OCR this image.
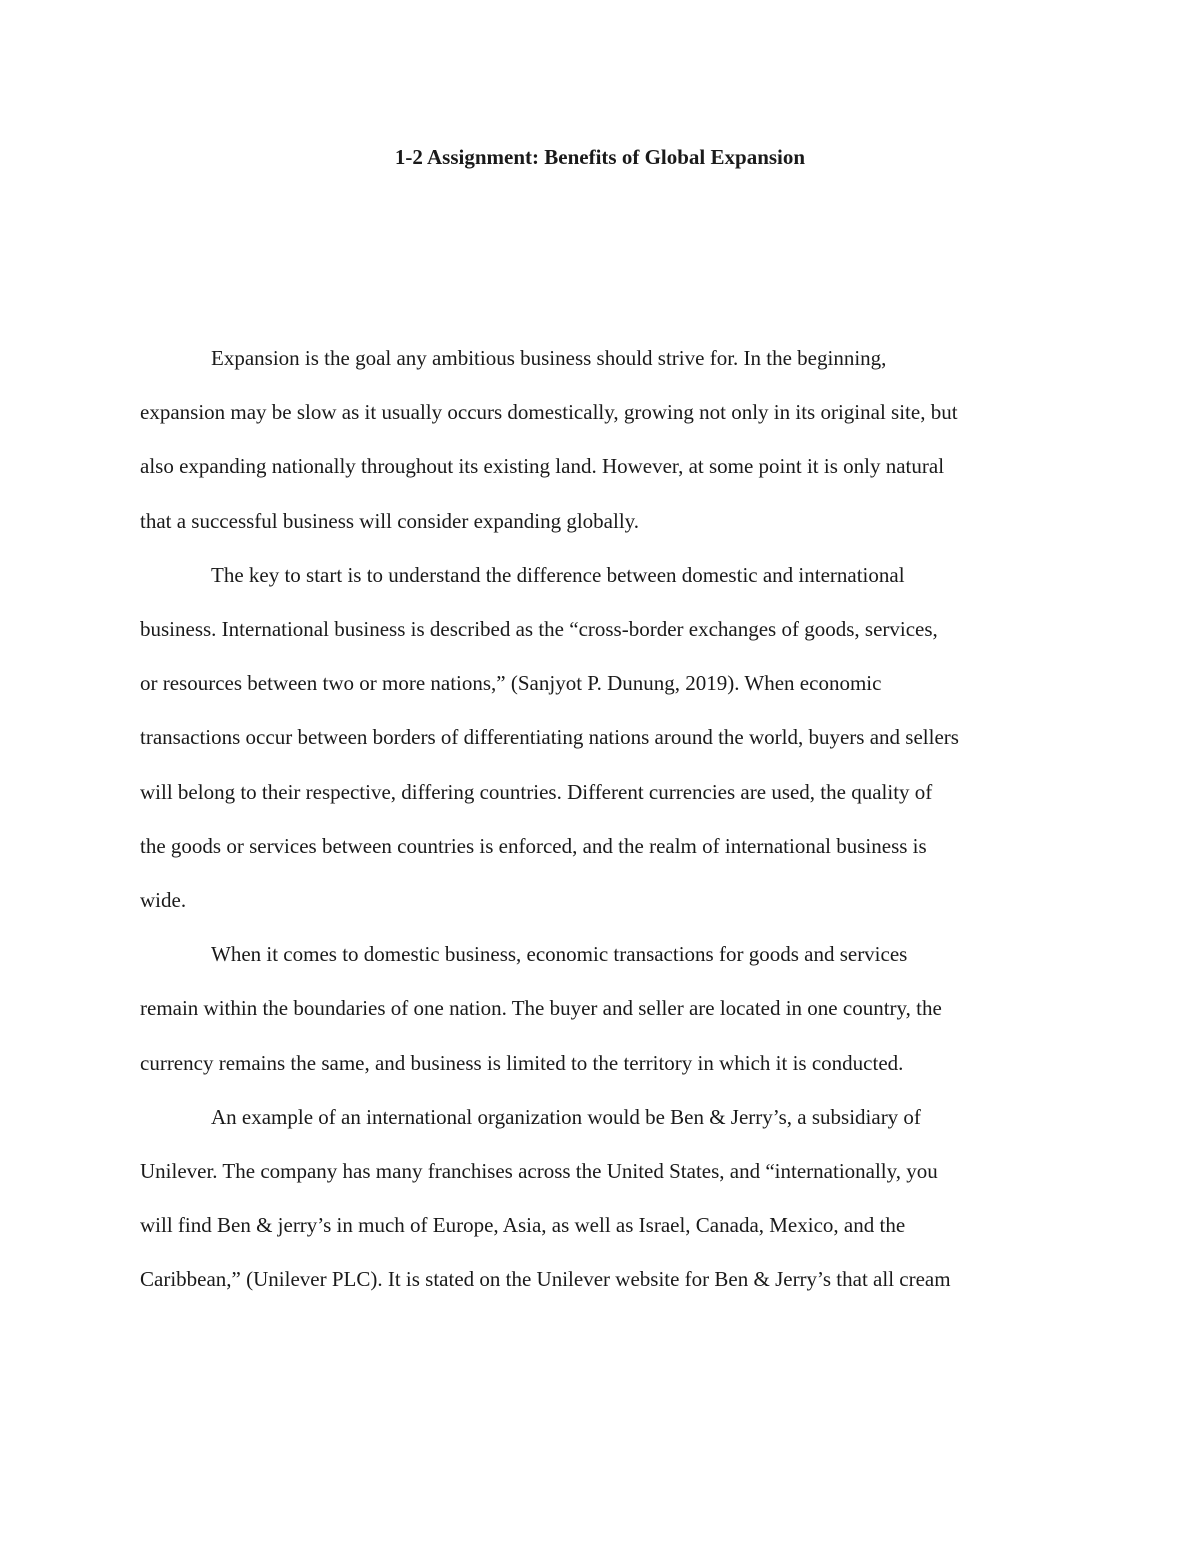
1-2 Assignment: Benefits of Global Expansion

Expansion is the goal any ambitious business should strive for. In the beginning,
expansion may be slow as it usually occurs domestically, growing not only in its original site, but
also expanding nationally throughout its existing land. However, at some point it is only natural
that a successful business will consider expanding globally.

The key to start is to understand the difference between domestic and international
business. International business is described as the “cross-border exchanges of goods, services,
or resources between two or more nations,” (Sanjyot P. Dunung, 2019). When economic
transactions occur between borders of differentiating nations around the world, buyers and sellers
will belong to their respective, differing countries. Different currencies are used, the quality of
the goods or services between countries is enforced, and the realm of international business is
wide.

When it comes to domestic business, economic transactions for goods and services
remain within the boundaries of one nation. The buyer and seller are located in one country, the
currency remains the same, and business is limited to the territory in which it is conducted.

An example of an international organization would be Ben & Jerry’s, a subsidiary of
Unilever. The company has many franchises across the United States, and “internationally, you
will find Ben & jerry’s in much of Europe, Asia, as well as Israel, Canada, Mexico, and the
Caribbean,” (Unilever PLC). It is stated on the Unilever website for Ben & Jerry’s that all cream
